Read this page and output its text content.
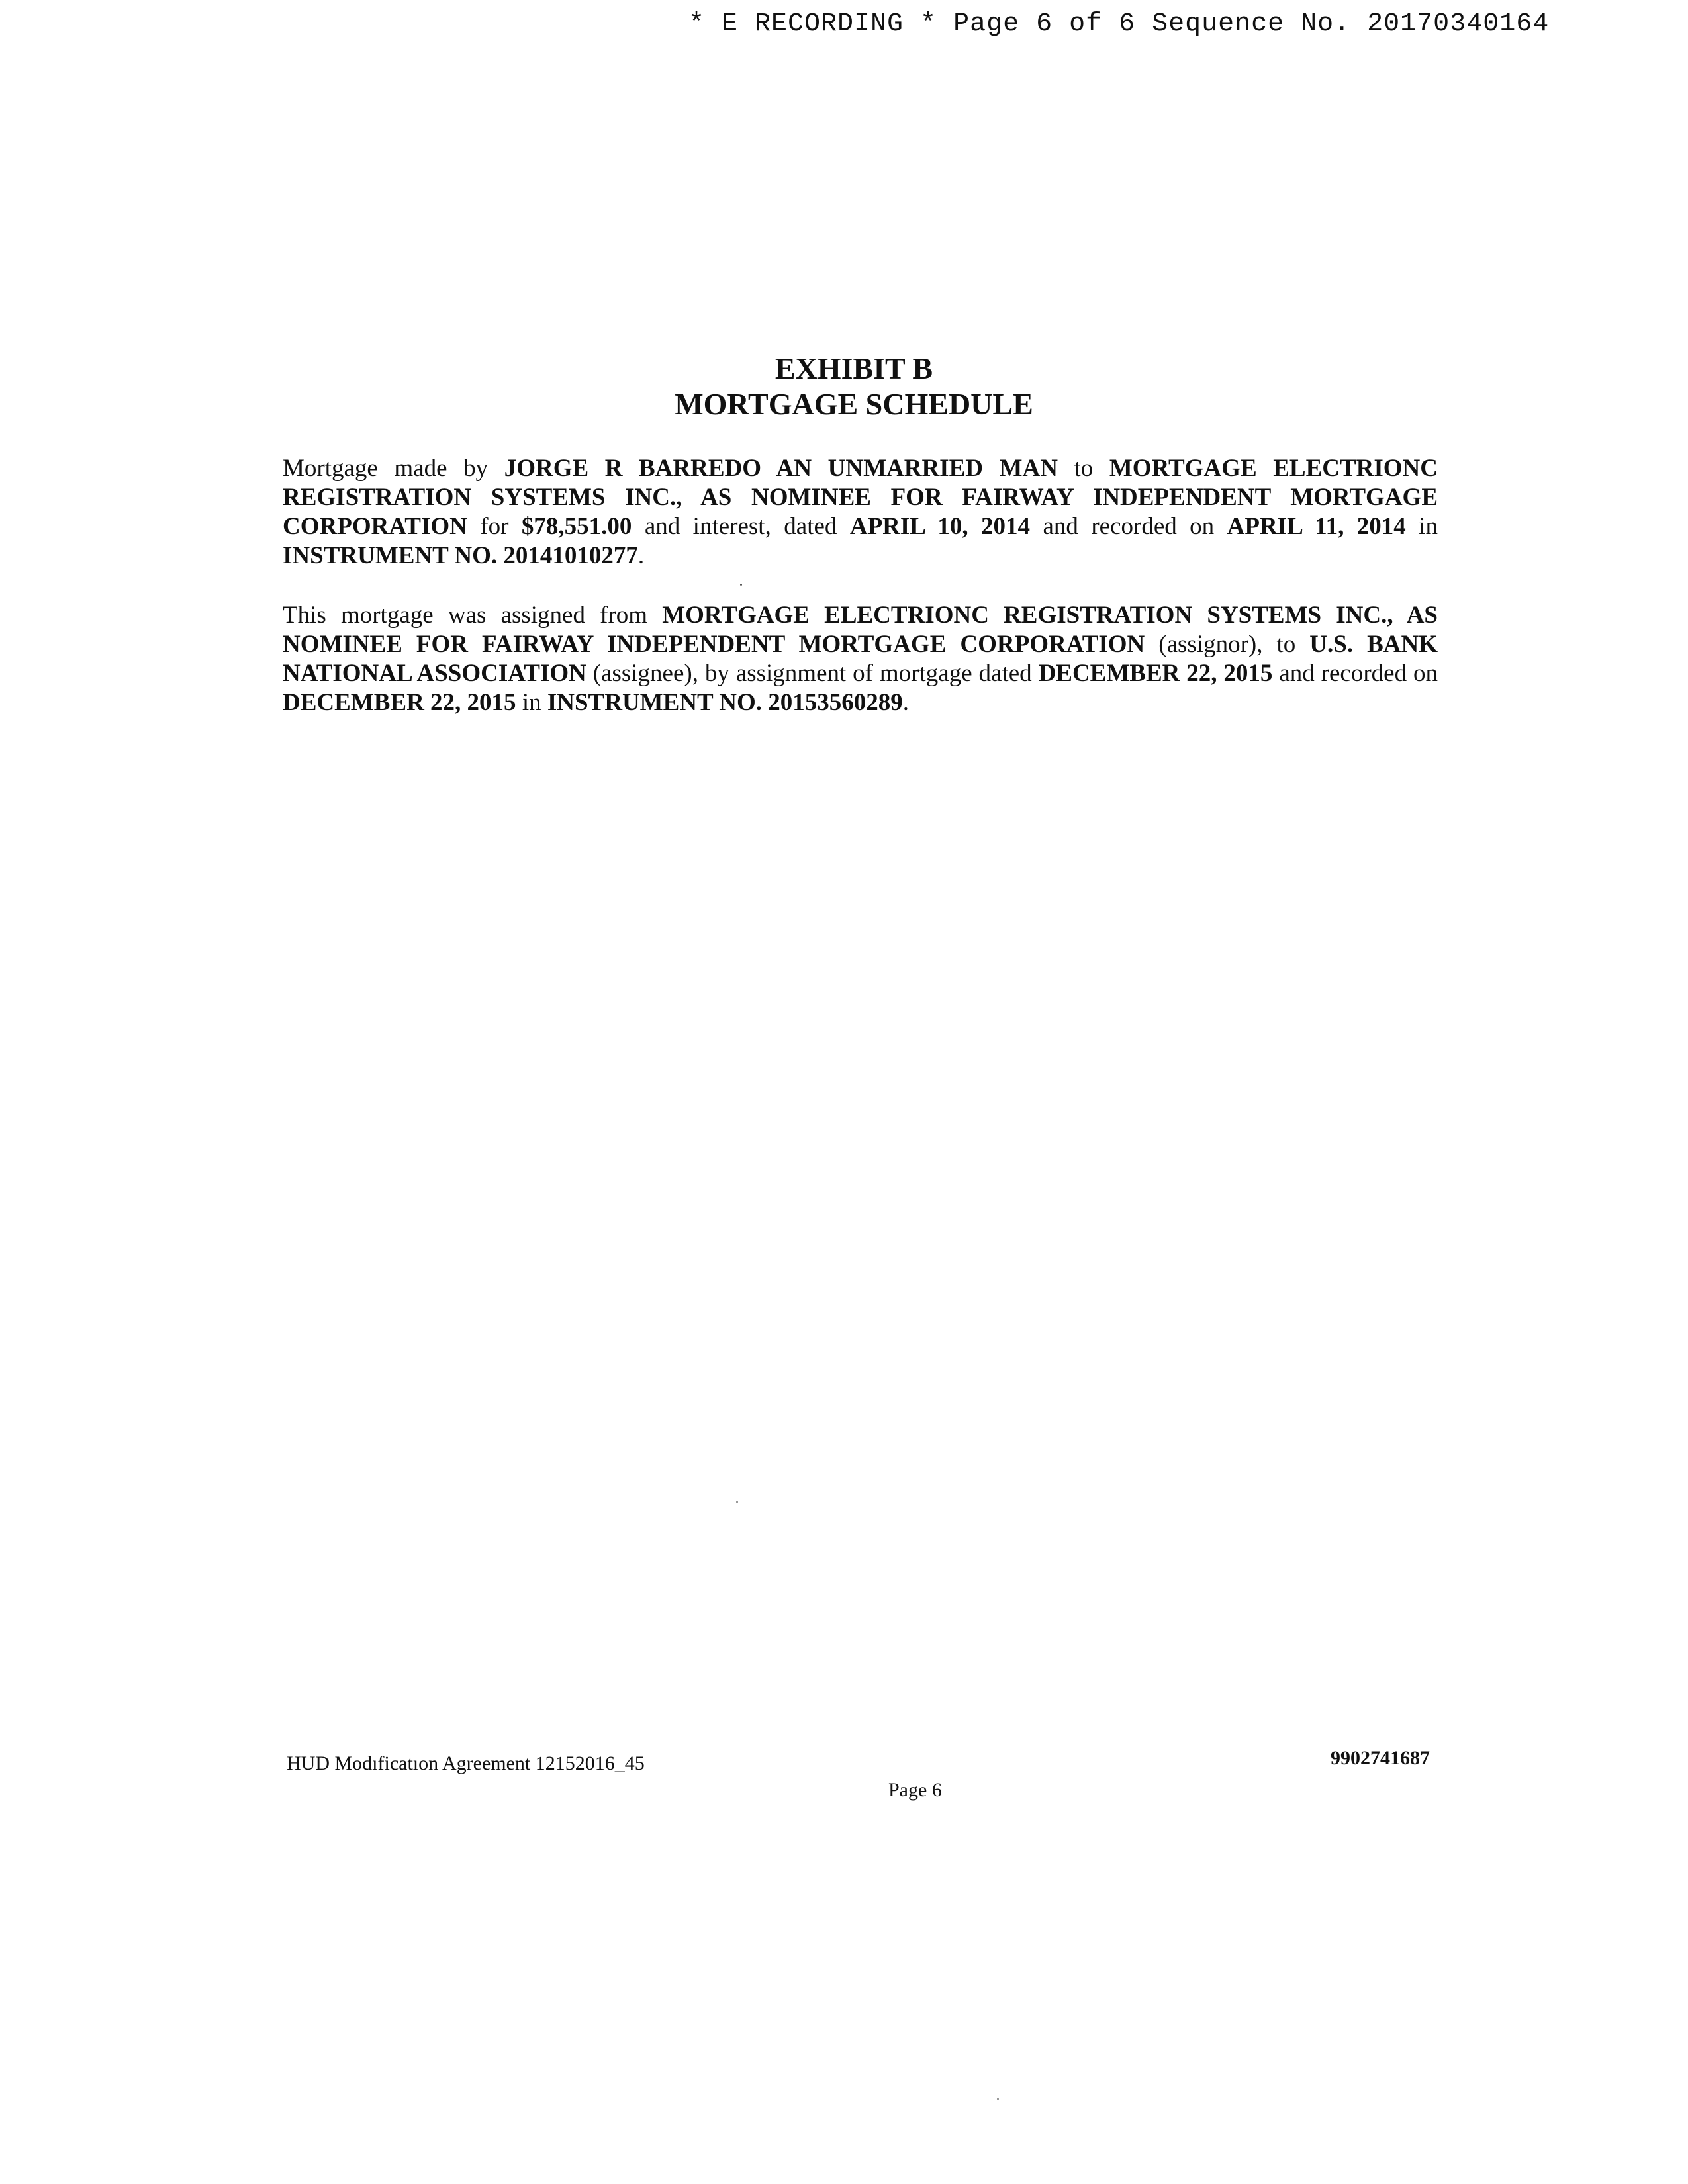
* E RECORDING * Page 6 of 6 Sequence No. 20170340164
EXHIBIT B
MORTGAGE SCHEDULE

Mortgage made by JORGE R BARREDO AN UNMARRIED MAN to MORTGAGE ELECTRIONC REGISTRATION SYSTEMS INC., AS NOMINEE FOR FAIRWAY INDEPENDENT MORTGAGE CORPORATION for $78,551.00 and interest, dated APRIL 10, 2014 and recorded on APRIL 11, 2014 in INSTRUMENT NO. 20141010277.

This mortgage was assigned from MORTGAGE ELECTRIONC REGISTRATION SYSTEMS INC., AS NOMINEE FOR FAIRWAY INDEPENDENT MORTGAGE CORPORATION (assignor), to U.S. BANK NATIONAL ASSOCIATION (assignee), by assignment of mortgage dated DECEMBER 22, 2015 and recorded on DECEMBER 22, 2015 in INSTRUMENT NO. 20153560289.

HUD Modıficatıon Agreement 12152016_45	9902741687
Page 6
